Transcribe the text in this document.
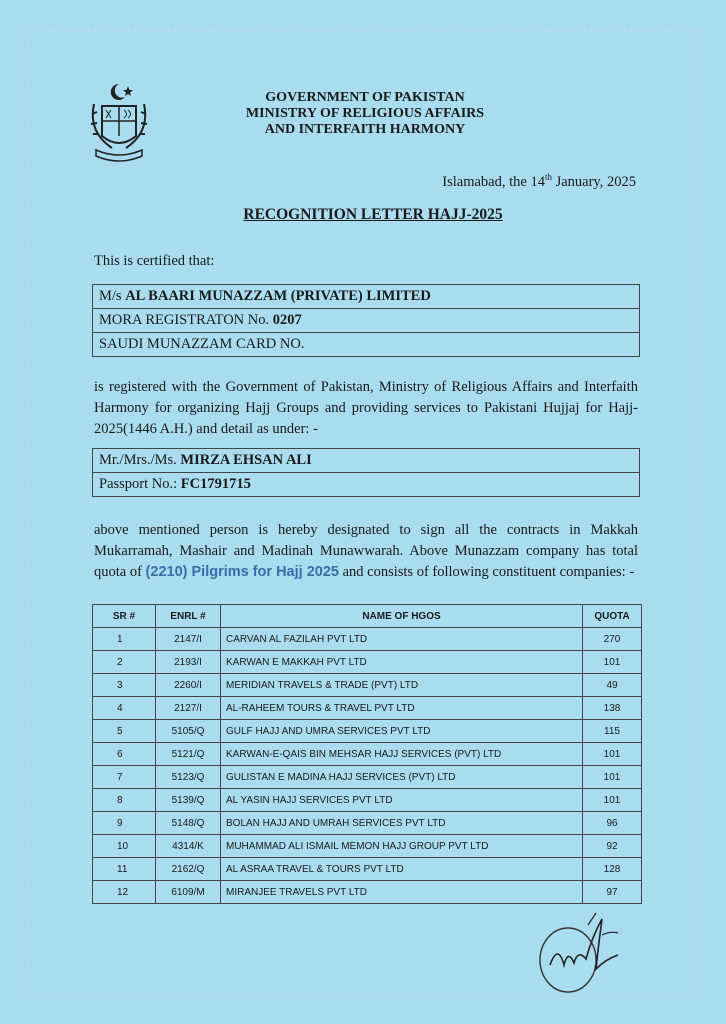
GOVERNMENT OF PAKISTAN
MINISTRY OF RELIGIOUS AFFAIRS
AND INTERFAITH HARMONY
Islamabad, the 14th January, 2025
RECOGNITION LETTER HAJJ-2025
This is certified that:
M/s AL BAARI MUNAZZAM (PRIVATE) LIMITED
MORA REGISTRATON No. 0207
SAUDI MUNAZZAM CARD NO.
is registered with the Government of Pakistan, Ministry of Religious Affairs and Interfaith Harmony for organizing Hajj Groups and providing services to Pakistani Hujjaj for Hajj-2025(1446 A.H.) and detail as under: -
Mr./Mrs./Ms. MIRZA EHSAN ALI
Passport No.: FC1791715
above mentioned person is hereby designated to sign all the contracts in Makkah Mukarramah, Mashair and Madinah Munawwarah. Above Munazzam company has total quota of (2210) Pilgrims for Hajj 2025 and consists of following constituent companies: -
SR #	ENRL #	NAME OF HGOS	QUOTA
1	2147/I	CARVAN AL FAZILAH PVT LTD	270
2	2193/I	KARWAN E MAKKAH PVT LTD	101
3	2260/I	MERIDIAN TRAVELS & TRADE (PVT) LTD	49
4	2127/I	AL-RAHEEM TOURS & TRAVEL PVT LTD	138
5	5105/Q	GULF HAJJ AND UMRA SERVICES PVT LTD	115
6	5121/Q	KARWAN-E-QAIS BIN MEHSAR HAJJ SERVICES (PVT) LTD	101
7	5123/Q	GULISTAN E MADINA HAJJ SERVICES (PVT) LTD	101
8	5139/Q	AL YASIN HAJJ SERVICES PVT LTD	101
9	5148/Q	BOLAN HAJJ AND UMRAH SERVICES PVT LTD	96
10	4314/K	MUHAMMAD ALI ISMAIL MEMON HAJJ GROUP PVT LTD	92
11	2162/Q	AL ASRAA TRAVEL & TOURS PVT LTD	128
12	6109/M	MIRANJEE TRAVELS PVT LTD	97
